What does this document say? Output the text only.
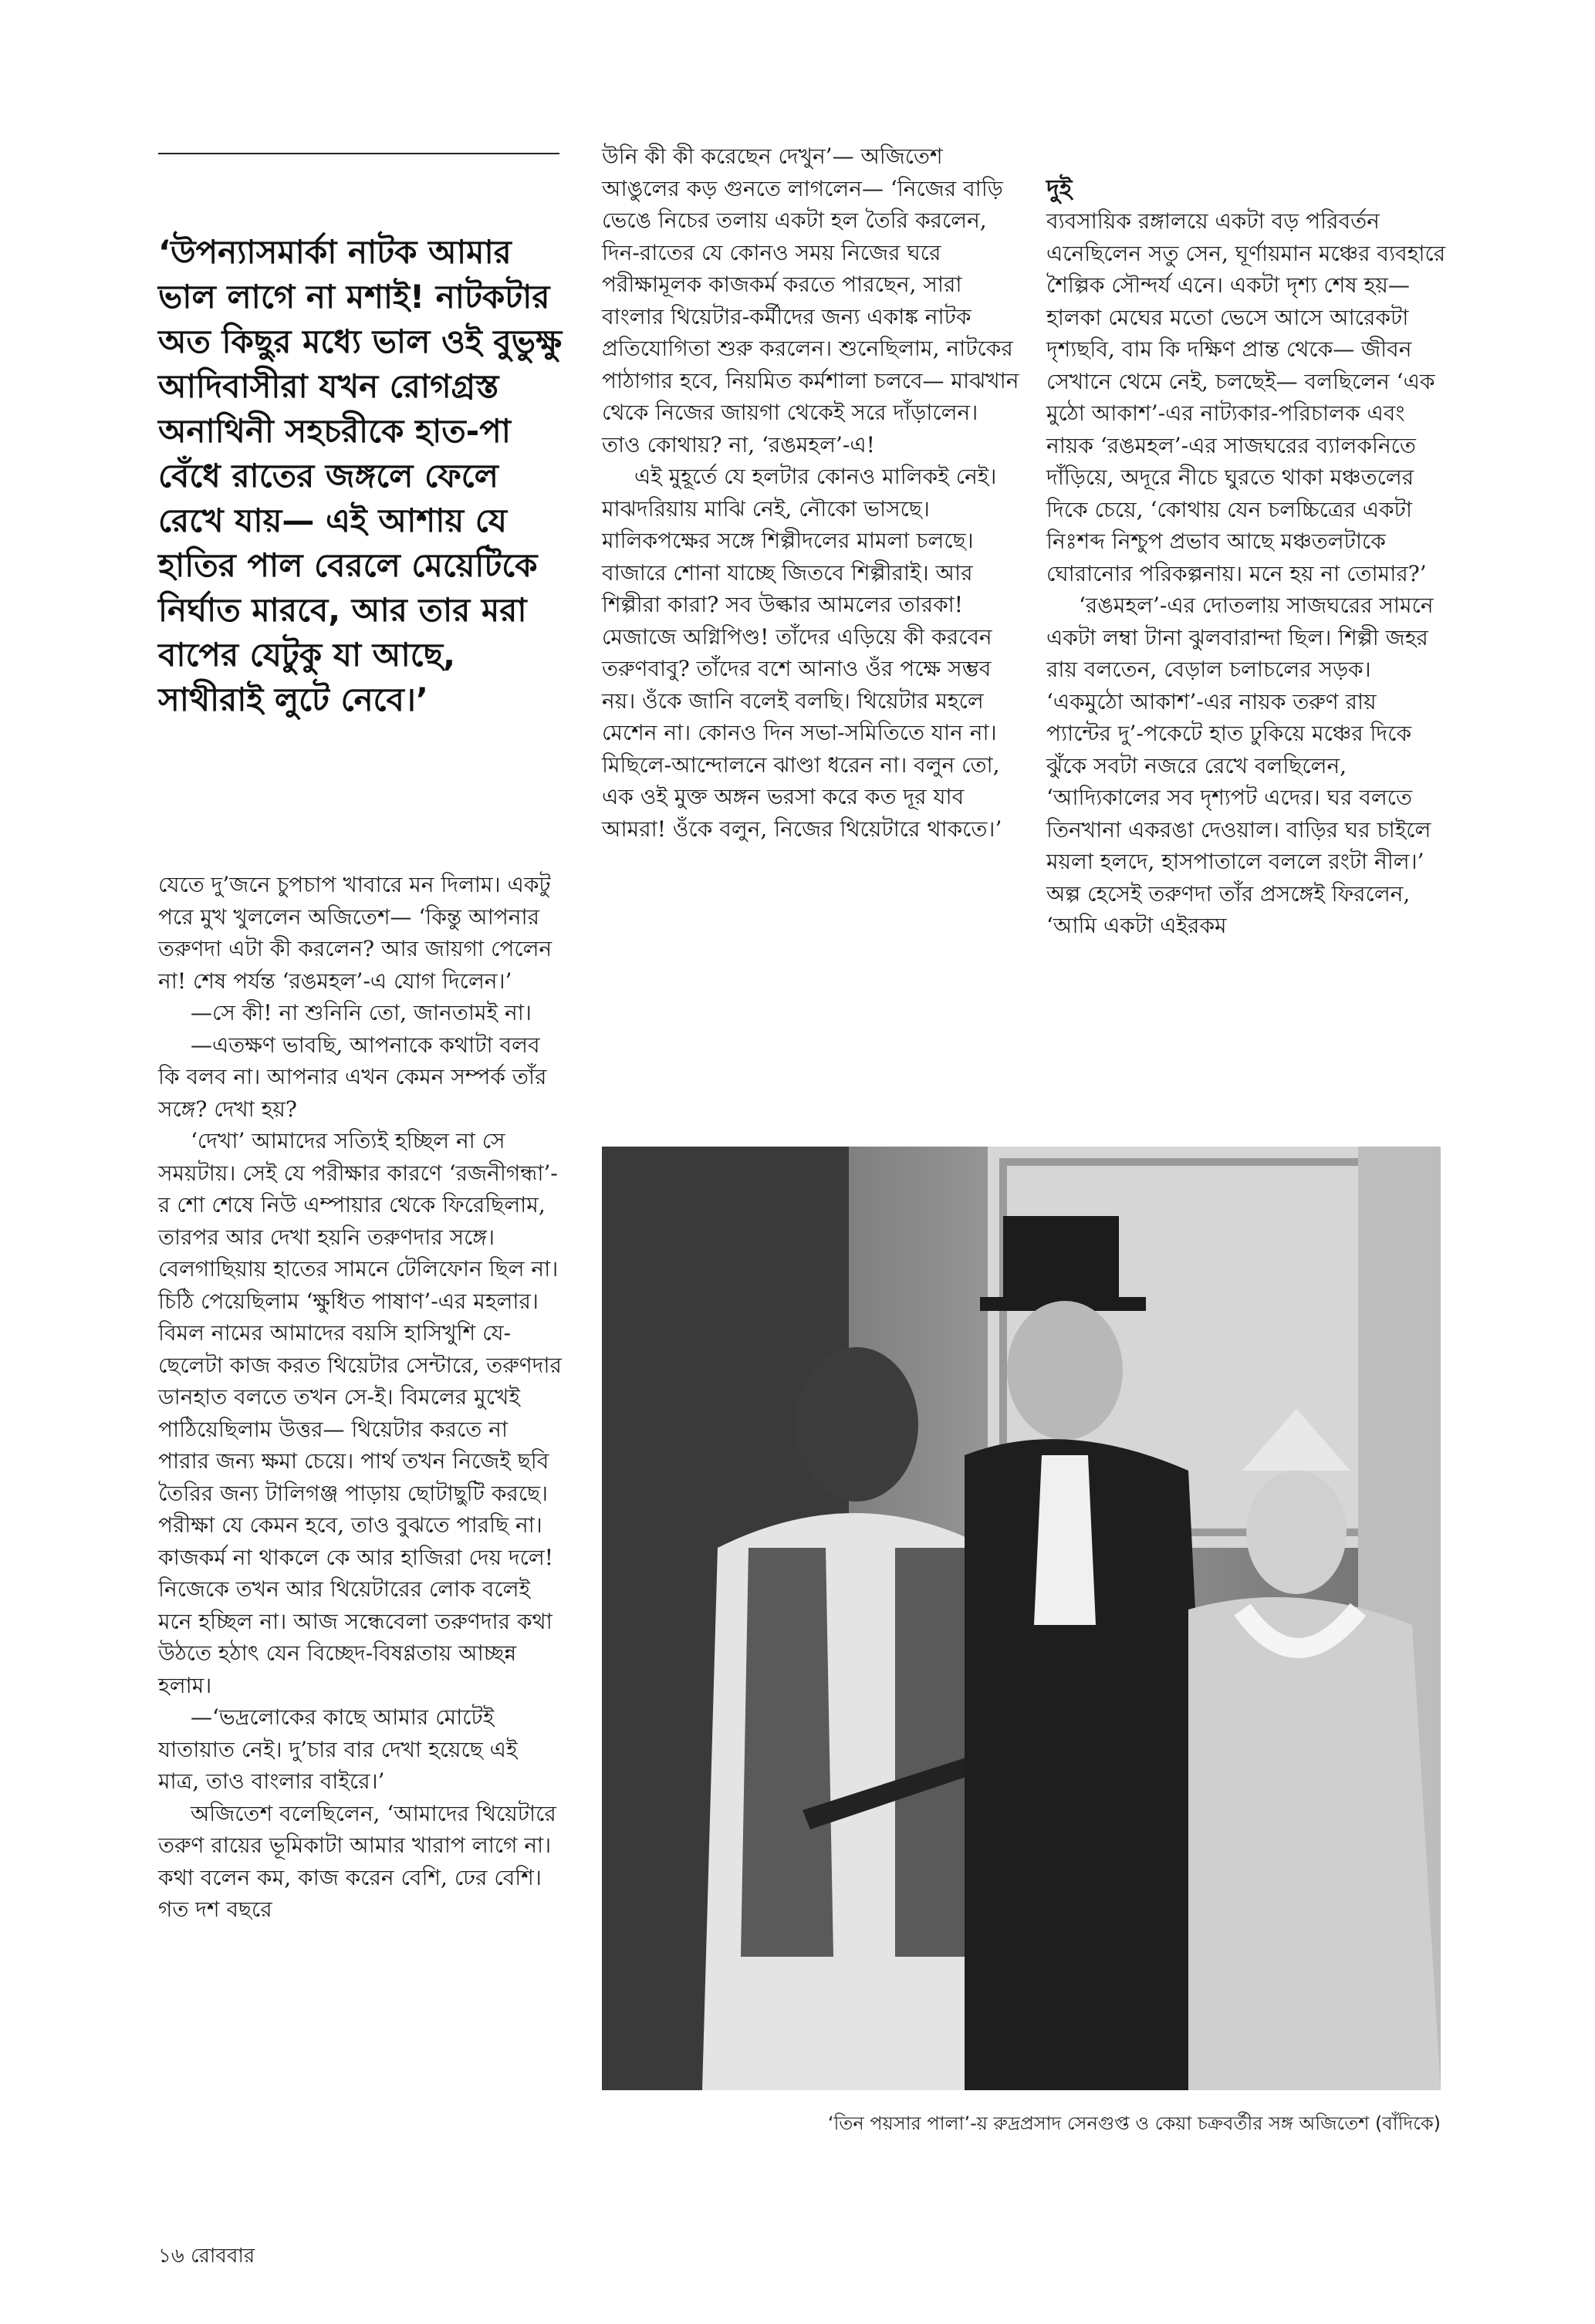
‘উপন্যাসমার্কা নাটক আমার ভাল লাগে না মশাই! নাটকটার অত কিছুর মধ্যে ভাল ওই বুভুক্ষু আদিবাসীরা যখন রোগগ্রস্ত অনাথিনী সহচরীকে হাত-পা বেঁধে রাতের জঙ্গলে ফেলে রেখে যায়— এই আশায় যে হাতির পাল বেরলে মেয়েটিকে নির্ঘাত মারবে, আর তার মরা বাপের যেটুকু যা আছে, সাথীরাই লুটে নেবে।’

যেতে দু’জনে চুপচাপ খাবারে মন দিলাম। একটু পরে মুখ খুললেন অজিতেশ— ‘কিন্তু আপনার তরুণদা এটা কী করলেন? আর জায়গা পেলেন না! শেষ পর্যন্ত ‘রঙমহল’-এ যোগ দিলেন।’

—সে কী! না শুনিনি তো, জানতামই না।

—এতক্ষণ ভাবছি, আপনাকে কথাটা বলব কি বলব না। আপনার এখন কেমন সম্পর্ক তাঁর সঙ্গে? দেখা হয়?

‘দেখা’ আমাদের সত্যিই হচ্ছিল না সে সময়টায়। সেই যে পরীক্ষার কারণে ‘রজনীগন্ধা’-র শো শেষে নিউ এম্পায়ার থেকে ফিরেছিলাম, তারপর আর দেখা হয়নি তরুণদার সঙ্গে। বেলগাছিয়ায় হাতের সামনে টেলিফোন ছিল না। চিঠি পেয়েছিলাম ‘ক্ষুধিত পাষাণ’-এর মহলার। বিমল নামের আমাদের বয়সি হাসিখুশি যে-ছেলেটা কাজ করত থিয়েটার সেন্টারে, তরুণদার ডানহাত বলতে তখন সে-ই। বিমলের মুখেই পাঠিয়েছিলাম উত্তর— থিয়েটার করতে না পারার জন্য ক্ষমা চেয়ে। পার্থ তখন নিজেই ছবি তৈরির জন্য টালিগঞ্জ পাড়ায় ছোটাছুটি করছে। পরীক্ষা যে কেমন হবে, তাও বুঝতে পারছি না। কাজকর্ম না থাকলে কে আর হাজিরা দেয় দলে! নিজেকে তখন আর থিয়েটারের লোক বলেই মনে হচ্ছিল না। আজ সন্ধেবেলা তরুণদার কথা উঠতে হঠাৎ যেন বিচ্ছেদ-বিষণ্ণতায় আচ্ছন্ন হলাম।

—‘ভদ্রলোকের কাছে আমার মোটেই যাতায়াত নেই। দু’চার বার দেখা হয়েছে এই মাত্র, তাও বাংলার বাইরে।’

অজিতেশ বলেছিলেন, ‘আমাদের থিয়েটারে তরুণ রায়ের ভূমিকাটা আমার খারাপ লাগে না। কথা বলেন কম, কাজ করেন বেশি, ঢের বেশি। গত দশ বছরে

উনি কী কী করেছেন দেখুন’— অজিতেশ আঙুলের কড় গুনতে লাগলেন— ‘নিজের বাড়ি ভেঙে নিচের তলায় একটা হল তৈরি করলেন, দিন-রাতের যে কোনও সময় নিজের ঘরে পরীক্ষামূলক কাজকর্ম করতে পারছেন, সারা বাংলার থিয়েটার-কর্মীদের জন্য একাঙ্ক নাটক প্রতিযোগিতা শুরু করলেন। শুনেছিলাম, নাটকের পাঠাগার হবে, নিয়মিত কর্মশালা চলবে— মাঝখান থেকে নিজের জায়গা থেকেই সরে দাঁড়ালেন। তাও কোথায়? না, ‘রঙমহল’-এ!

এই মুহূর্তে যে হলটার কোনও মালিকই নেই। মাঝদরিয়ায় মাঝি নেই, নৌকো ভাসছে। মালিকপক্ষের সঙ্গে শিল্পীদলের মামলা চলছে। বাজারে শোনা যাচ্ছে জিতবে শিল্পীরাই। আর শিল্পীরা কারা? সব উল্কার আমলের তারকা! মেজাজে অগ্নিপিণ্ড! তাঁদের এড়িয়ে কী করবেন তরুণবাবু? তাঁদের বশে আনাও ওঁর পক্ষে সম্ভব নয়। ওঁকে জানি বলেই বলছি। থিয়েটার মহলে মেশেন না। কোনও দিন সভা-সমিতিতে যান না। মিছিলে-আন্দোলনে ঝাণ্ডা ধরেন না। বলুন তো, এক ওই মুক্ত অঙ্গন ভরসা করে কত দূর যাব আমরা! ওঁকে বলুন, নিজের থিয়েটারে থাকতে।’

দুই

ব্যবসায়িক রঙ্গালয়ে একটা বড় পরিবর্তন এনেছিলেন সতু সেন, ঘূর্ণায়মান মঞ্চের ব্যবহারে শৈল্পিক সৌন্দর্য এনে। একটা দৃশ্য শেষ হয়— হালকা মেঘের মতো ভেসে আসে আরেকটা দৃশ্যছবি, বাম কি দক্ষিণ প্রান্ত থেকে— জীবন সেখানে থেমে নেই, চলছেই— বলছিলেন ‘এক মুঠো আকাশ’-এর নাট্যকার-পরিচালক এবং নায়ক ‘রঙমহল’-এর সাজঘরের ব্যালকনিতে দাঁড়িয়ে, অদূরে নীচে ঘুরতে থাকা মঞ্চতলের দিকে চেয়ে, ‘কোথায় যেন চলচ্চিত্রের একটা নিঃশব্দ নিশ্চুপ প্রভাব আছে মঞ্চতলটাকে ঘোরানোর পরিকল্পনায়। মনে হয় না তোমার?’

‘রঙমহল’-এর দোতলায় সাজঘরের সামনে একটা লম্বা টানা ঝুলবারান্দা ছিল। শিল্পী জহর রায় বলতেন, বেড়াল চলাচলের সড়ক। ‘একমুঠো আকাশ’-এর নায়ক তরুণ রায় প্যান্টের দু’-পকেটে হাত ঢুকিয়ে মঞ্চের দিকে ঝুঁকে সবটা নজরে রেখে বলছিলেন, ‘আদ্যিকালের সব দৃশ্যপট এদের। ঘর বলতে তিনখানা একরঙা দেওয়াল। বাড়ির ঘর চাইলে ময়লা হলদে, হাসপাতালে বললে রংটা নীল।’ অল্প হেসেই তরুণদা তাঁর প্রসঙ্গেই ফিরলেন, ‘আমি একটা এইরকম

‘তিন পয়সার পালা’-য় রুদ্রপ্রসাদ সেনগুপ্ত ও কেয়া চক্রবর্তীর সঙ্গ অজিতেশ (বাঁদিকে)
১৬ রোববার
